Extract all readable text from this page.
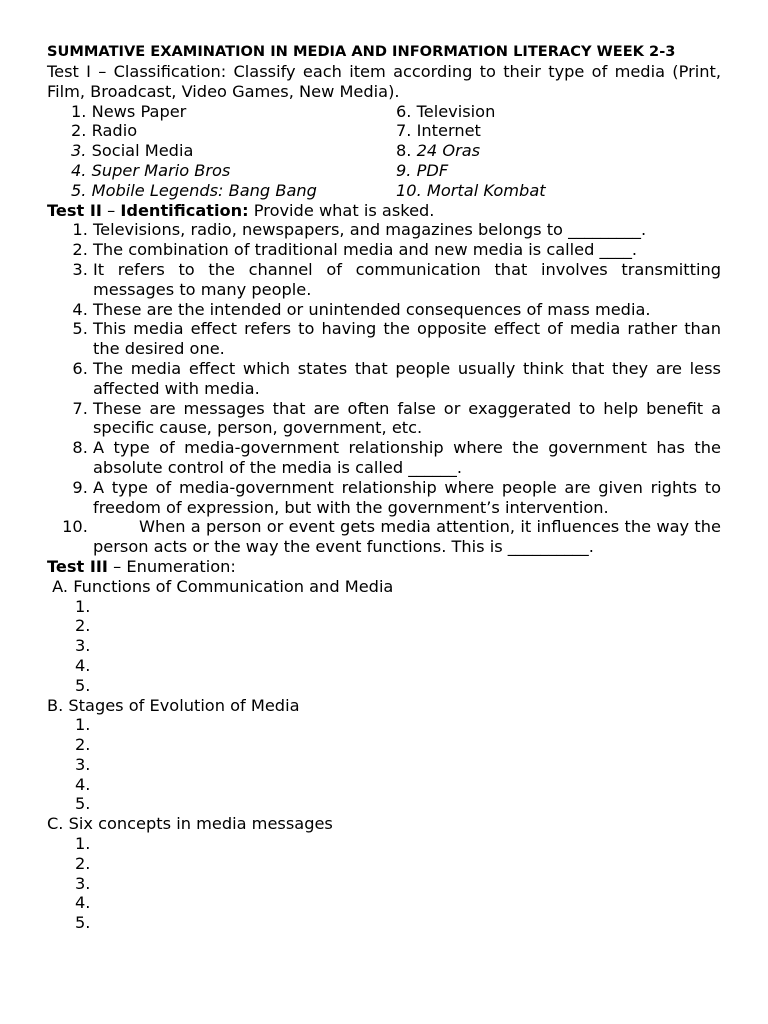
SUMMATIVE EXAMINATION IN MEDIA AND INFORMATION LITERACY WEEK 2-3
Test I – Classification: Classify each item according to their type of media (Print, Film, Broadcast, Video Games, New Media).
1. News Paper	6. Television
2. Radio	7. Internet
3. Social Media	8. 24 Oras
4. Super Mario Bros	9. PDF
5. Mobile Legends: Bang Bang	10. Mortal Kombat
Test II – Identification: Provide what is asked.
1. Televisions, radio, newspapers, and magazines belongs to _________.
2. The combination of traditional media and new media is called ____.
3. It refers to the channel of communication that involves transmitting messages to many people.
4. These are the intended or unintended consequences of mass media.
5. This media effect refers to having the opposite effect of media rather than the desired one.
6. The media effect which states that people usually think that they are less affected with media.
7. These are messages that are often false or exaggerated to help benefit a specific cause, person, government, etc.
8. A type of media-government relationship where the government has the absolute control of the media is called ______.
9. A type of media-government relationship where people are given rights to freedom of expression, but with the government’s intervention.
10.	When a person or event gets media attention, it influences the way the person acts or the way the event functions. This is __________.
Test III – Enumeration:
A. Functions of Communication and Media
1.
2.
3.
4.
5.
B. Stages of Evolution of Media
1.
2.
3.
4.
5.
C. Six concepts in media messages
1.
2.
3.
4.
5.
